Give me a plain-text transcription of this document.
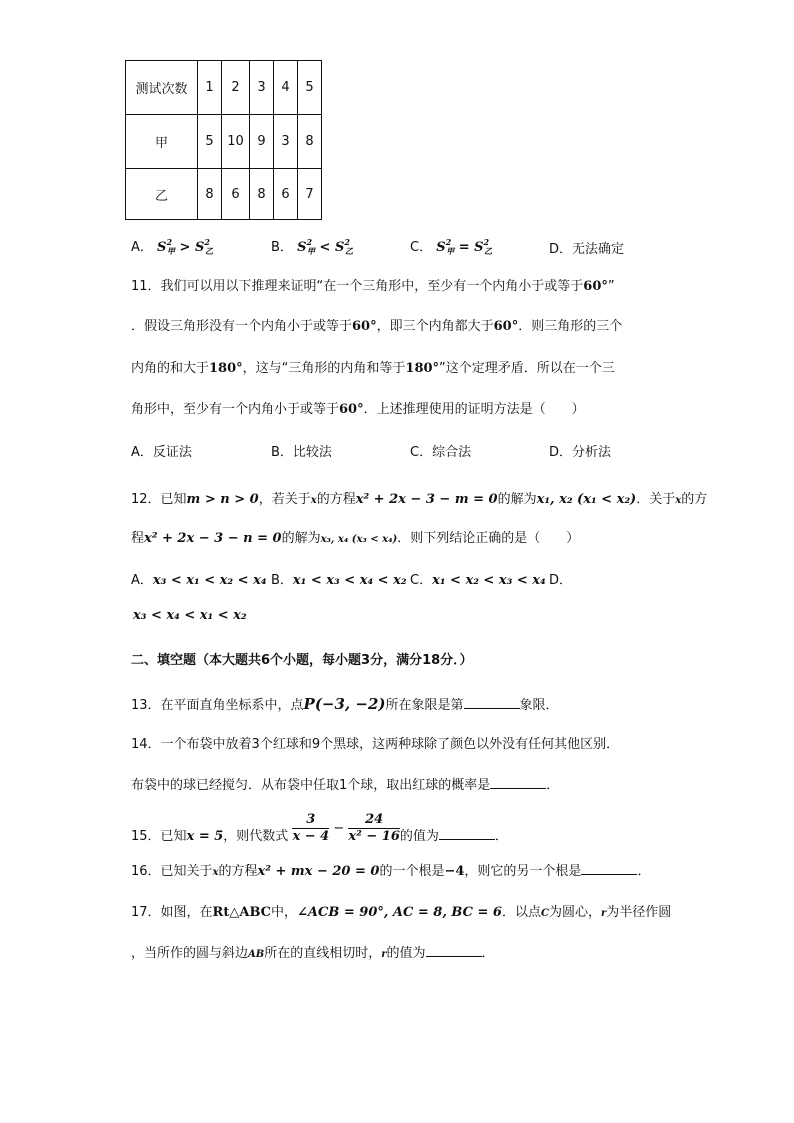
测试次数	1	2	3	4	5
甲	5	10	9	3	8
乙	8	6	8	6	7
A． $S^2_甲 > S^2_乙$	B． $S^2_甲 < S^2_乙$	C． $S^2_甲 = S^2_乙$	D．无法确定
11．我们可以用以下推理来证明“在一个三角形中，至少有一个内角小于或等于60°”
．假设三角形没有一个内角小于或等于60°，即三个内角都大于60°．则三角形的三个
内角的和大于180°，这与“三角形的内角和等于180°”这个定理矛盾．所以在一个三
角形中，至少有一个内角小于或等于60°．上述推理使用的证明方法是（　　）
A．反证法	B．比较法	C．综合法	D．分析法
12．已知m > n > 0，若关于x的方程x² + 2x − 3 − m = 0的解为x₁, x₂ (x₁ < x₂)．关于x的方
程x² + 2x − 3 − n = 0的解为x₃, x₄ (x₃ < x₄)．则下列结论正确的是（　　）
A．x₃ < x₁ < x₂ < x₄ B．x₁ < x₃ < x₄ < x₂ C．x₁ < x₂ < x₃ < x₄ D．
x₃ < x₄ < x₁ < x₂
二、填空题（本大题共6个小题，每小题3分，满分18分．）
13．在平面直角坐标系中，点P(−3, −2)所在象限是第	象限．
14．一个布袋中放着3个红球和9个黑球，这两种球除了颜色以外没有任何其他区别．
布袋中的球已经搅匀．从布袋中任取1个球，取出红球的概率是	．
15．已知x = 5，则代数式 $\frac{3}{x - 4} - \frac{24}{\text{x² − 16}}$ 的值为	．
16．已知关于x的方程x² + mx − 20 = 0的一个根是−4，则它的另一个根是	．
17．如图，在Rt△ABC中，∠ACB = 90°, AC = 8, BC = 6．以点C为圆心，r为半径作圆
，当所作的圆与斜边AB所在的直线相切时，r的值为	．
